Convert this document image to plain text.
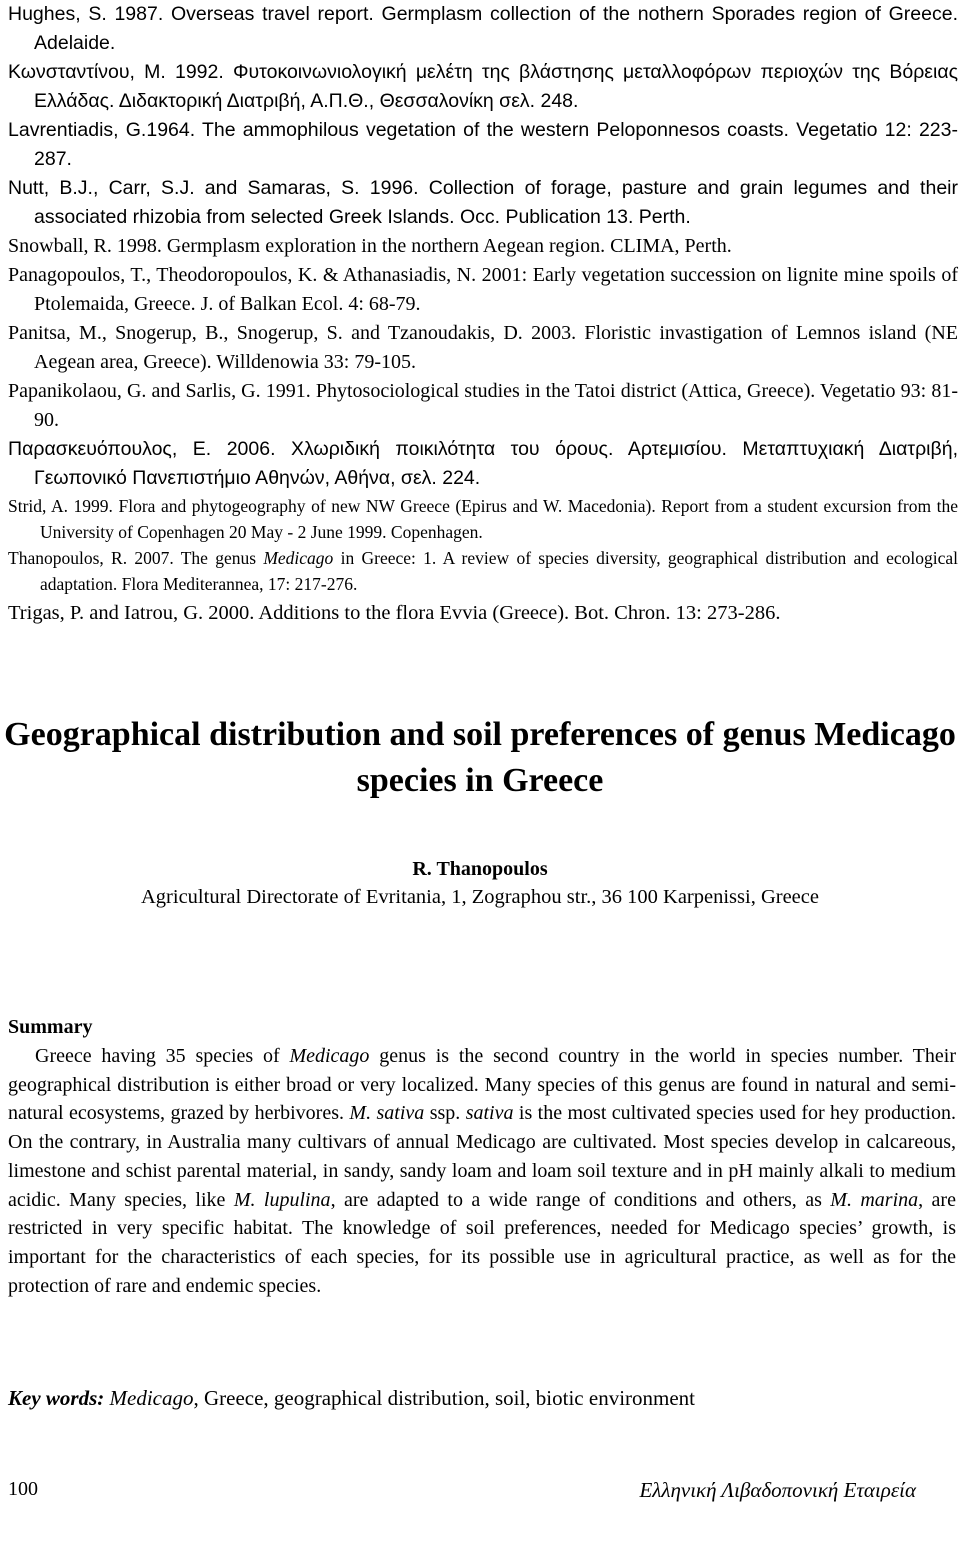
Hughes, S. 1987. Overseas travel report. Germplasm collection of the nothern Sporades region of Greece. Adelaide.

Κωνσταντίνου, Μ. 1992. Φυτοκοινωνιολογική μελέτη της βλάστησης μεταλλοφόρων περιοχών της Βόρειας Ελλάδας. Διδακτορική Διατριβή, Α.Π.Θ., Θεσσαλονίκη σελ. 248.

Lavrentiadis, G.1964. The ammophilous vegetation of the western Peloponnesos coasts. Vegetatio 12: 223-287.

Nutt, B.J., Carr, S.J. and Samaras, S. 1996. Collection of forage, pasture and grain legumes and their associated rhizobia from selected Greek Islands. Occ. Publication 13. Perth.

Snowball, R. 1998. Germplasm exploration in the northern Aegean region. CLIMA, Perth.

Panagopoulos, T., Theodoropoulos, K. & Athanasiadis, N. 2001: Early vegetation succession on lignite mine spoils of Ptolemaida, Greece. J. of Balkan Ecol. 4: 68-79.

Panitsa, M., Snogerup, B., Snogerup, S. and Tzanoudakis, D. 2003. Floristic invastigation of Lemnos island (NE Aegean area, Greece). Willdenowia 33: 79-105.

Papanikolaou, G. and Sarlis, G. 1991. Phytosociological studies in the Tatoi district (Attica, Greece). Vegetatio 93: 81-90.

Παρασκευόπουλος, Ε. 2006. Χλωριδική ποικιλότητα του όρους. Αρτεμισίου. Μεταπτυχιακή Διατριβή, Γεωπονικό Πανεπιστήμιο Αθηνών, Αθήνα, σελ. 224.

Strid, A. 1999. Flora and phytogeography of new NW Greece (Epirus and W. Macedonia). Report from a student excursion from the University of Copenhagen 20 May - 2 June 1999. Copenhagen.

Thanopoulos, R. 2007. The genus Medicago in Greece: 1. A review of species diversity, geographical distribution and ecological adaptation. Flora Mediterannea, 17: 217-276.

Trigas, P. and Iatrou, G. 2000. Additions to the flora Evvia (Greece). Bot. Chron. 13: 273-286.

Geographical distribution and soil preferences of genus Medicago species in Greece

R. Thanopoulos

Agricultural Directorate of Evritania, 1, Zographou str., 36 100 Karpenissi, Greece

Summary

Greece having 35 species of Medicago genus is the second country in the world in species number. Their geographical distribution is either broad or very localized. Many species of this genus are found in natural and semi-natural ecosystems, grazed by herbivores. M. sativa ssp. sativa is the most cultivated species used for hey production. On the contrary, in Australia many cultivars of annual Medicago are cultivated. Most species develop in calcareous, limestone and schist parental material, in sandy, sandy loam and loam soil texture and in pH mainly alkali to medium acidic. Many species, like M. lupulina, are adapted to a wide range of conditions and others, as M. marina, are restricted in very specific habitat. The knowledge of soil preferences, needed for Medicago species’ growth, is important for the characteristics of each species, for its possible use in agricultural practice, as well as for the protection of rare and endemic species.

Key words: Medicago, Greece, geographical distribution, soil, biotic environment

100	Ελληνική Λιβαδοπονική Εταιρεία
